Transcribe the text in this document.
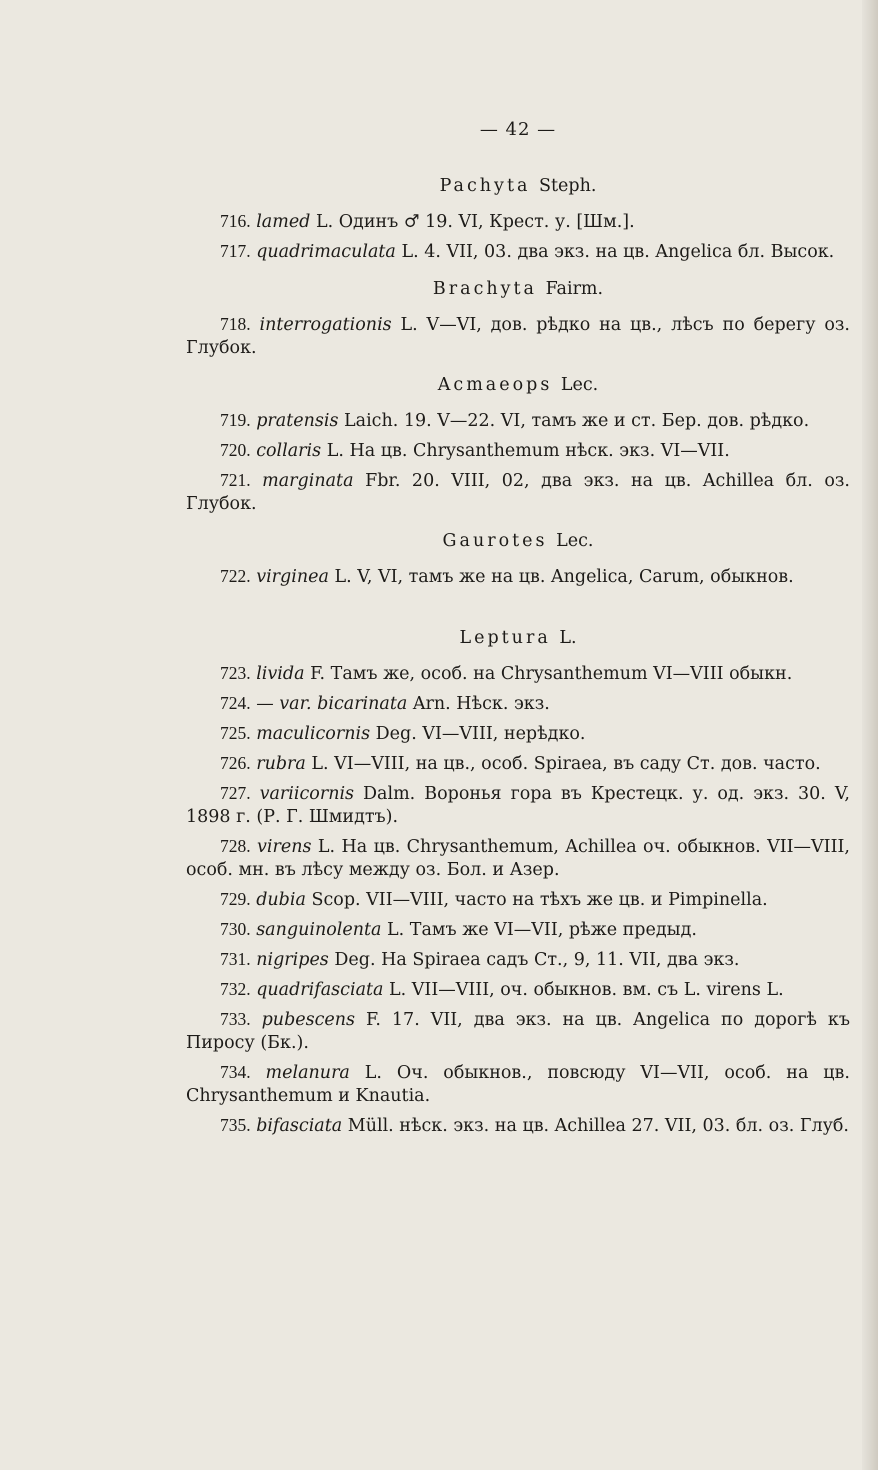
— 42 —
Pachyta Steph.

716. lamed L. Одинъ ♂ 19. VI, Крест. у. [Шм.].

717. quadrimaculata L. 4. VII, 03. два экз. на цв. Angelica бл. Высок.

Brachyta Fairm.

718. interrogationis L. V—VI, дов. рѣдко на цв., лѣсъ по берегу оз. Глубок.

Acmaeops Lec.

719. pratensis Laich. 19. V—22. VI, тамъ же и ст. Бер. дов. рѣдко.

720. collaris L. На цв. Chrysanthemum нѣск. экз. VI—VII.

721. marginata Fbr. 20. VIII, 02, два экз. на цв. Achillea бл. оз. Глубок.

Gaurotes Lec.

722. virginea L. V, VI, тамъ же на цв. Angelica, Carum, обыкнов.

Leptura L.

723. livida F. Тамъ же, особ. на Chrysanthemum VI—VIII обыкн.

724. — var. bicarinata Arn. Нѣск. экз.

725. maculicornis Deg. VI—VIII, нерѣдко.

726. rubra L. VI—VIII, на цв., особ. Spiraea, въ саду Ст. дов. часто.

727. variicornis Dalm. Воронья гора въ Крестецк. у. од. экз. 30. V, 1898 г. (Р. Г. Шмидтъ).

728. virens L. На цв. Chrysanthemum, Achillea оч. обыкнов. VII—VIII, особ. мн. въ лѣсу между оз. Бол. и Азер.

729. dubia Scop. VII—VIII, часто на тѣхъ же цв. и Pimpinella.

730. sanguinolenta L. Тамъ же VI—VII, рѣже предыд.

731. nigripes Deg. На Spiraea садъ Ст., 9, 11. VII, два экз.

732. quadrifasciata L. VII—VIII, оч. обыкнов. вм. съ L. virens L.

733. pubescens F. 17. VII, два экз. на цв. Angelica по дорогѣ къ Пиросу (Бк.).

734. melanura L. Оч. обыкнов., повсюду VI—VII, особ. на цв. Chrysanthemum и Knautia.

735. bifasciata Müll. нѣск. экз. на цв. Achillea 27. VII, 03. бл. оз. Глуб.
